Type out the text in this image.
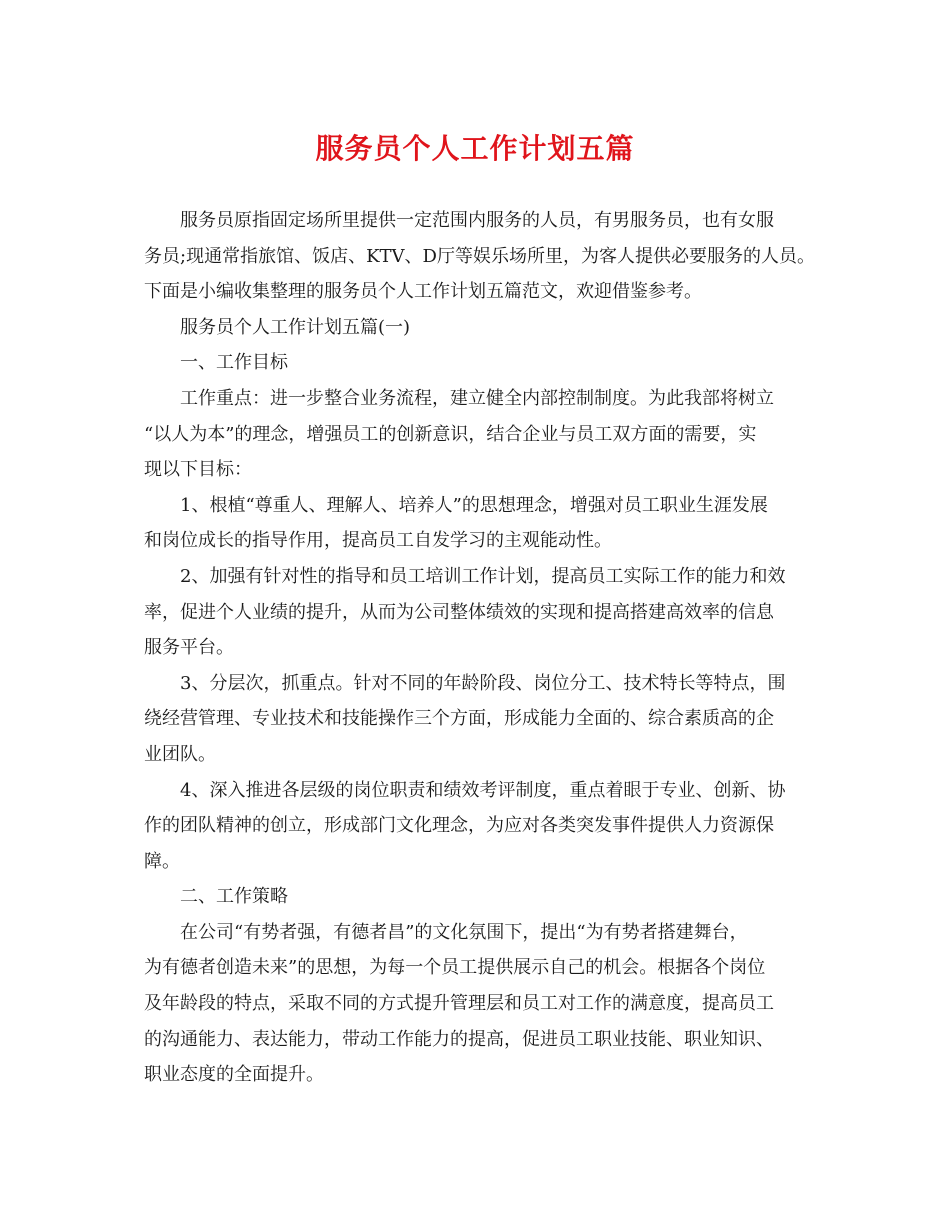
服务员个人工作计划五篇
服务员原指固定场所里提供一定范围内服务的人员，有男服务员，也有女服
务员;现通常指旅馆、饭店、KTV、D厅等娱乐场所里，为客人提供必要服务的人员。
下面是小编收集整理的服务员个人工作计划五篇范文，欢迎借鉴参考。
服务员个人工作计划五篇(一)
一、工作目标
工作重点：进一步整合业务流程，建立健全内部控制制度。为此我部将树立
“以人为本”的理念，增强员工的创新意识，结合企业与员工双方面的需要，实
现以下目标：
1、根植“尊重人、理解人、培养人”的思想理念，增强对员工职业生涯发展
和岗位成长的指导作用，提高员工自发学习的主观能动性。
2、加强有针对性的指导和员工培训工作计划，提高员工实际工作的能力和效
率，促进个人业绩的提升，从而为公司整体绩效的实现和提高搭建高效率的信息
服务平台。
3、分层次，抓重点。针对不同的年龄阶段、岗位分工、技术特长等特点，围
绕经营管理、专业技术和技能操作三个方面，形成能力全面的、综合素质高的企
业团队。
4、深入推进各层级的岗位职责和绩效考评制度，重点着眼于专业、创新、协
作的团队精神的创立，形成部门文化理念，为应对各类突发事件提供人力资源保
障。
二、工作策略
在公司“有势者强，有德者昌”的文化氛围下，提出“为有势者搭建舞台，
为有德者创造未来”的思想，为每一个员工提供展示自己的机会。根据各个岗位
及年龄段的特点，采取不同的方式提升管理层和员工对工作的满意度，提高员工
的沟通能力、表达能力，带动工作能力的提高，促进员工职业技能、职业知识、
职业态度的全面提升。
